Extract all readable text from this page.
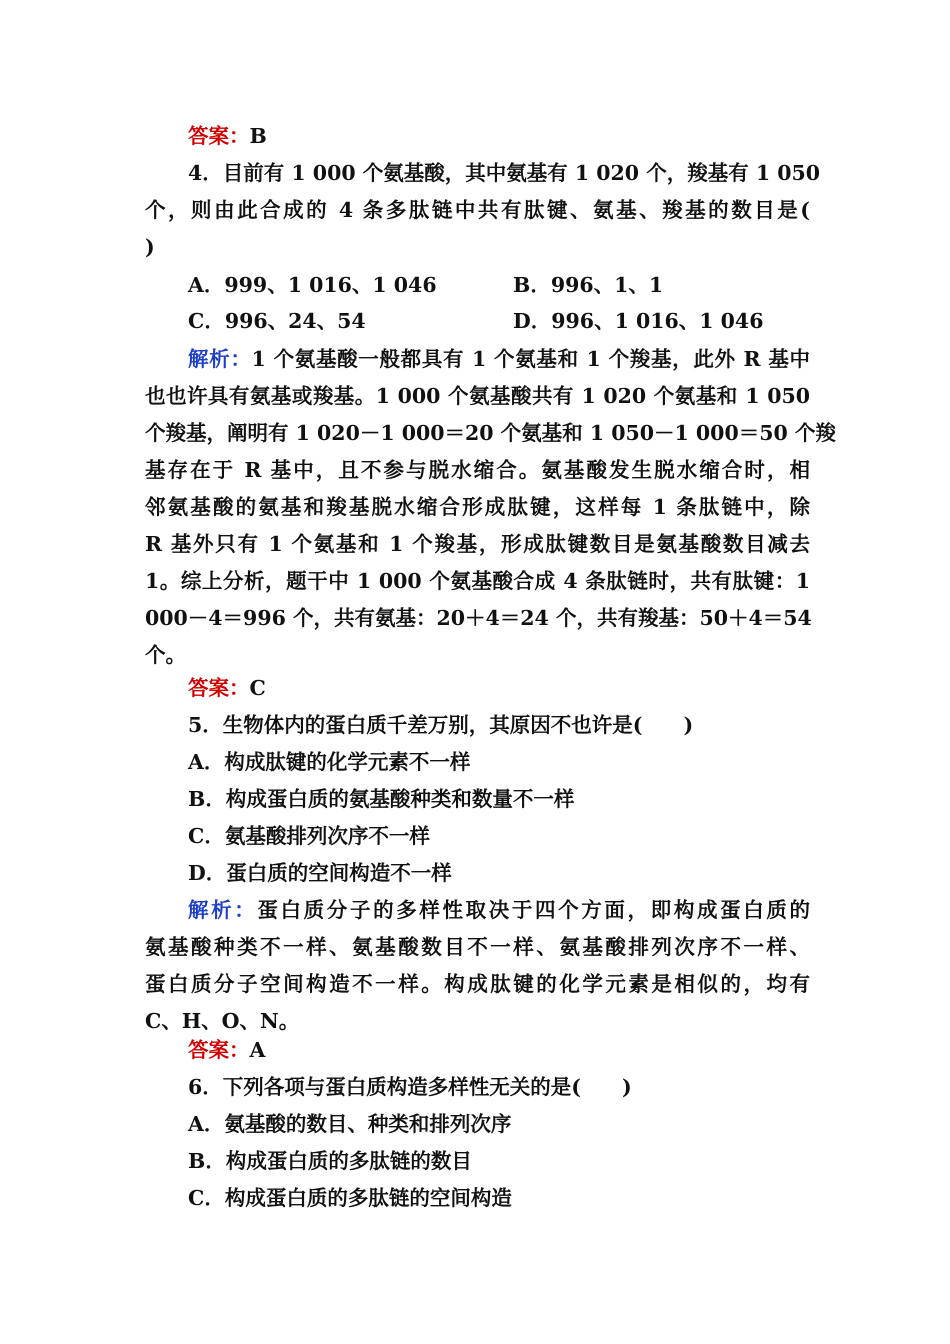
答案：B
4．目前有 1 000 个氨基酸，其中氨基有 1 020 个，羧基有 1 050
个，则由此合成的 4 条多肽链中共有肽键、氨基、羧基的数目是(
)
A．999、1 016、1 046	B．996、1、1
C．996、24、54	D．996、1 016、1 046
解析：1 个氨基酸一般都具有 1 个氨基和 1 个羧基，此外 R 基中
也也许具有氨基或羧基。1 000 个氨基酸共有 1 020 个氨基和 1 050
个羧基，阐明有 1 020－1 000＝20 个氨基和 1 050－1 000＝50 个羧
基存在于 R 基中，且不参与脱水缩合。氨基酸发生脱水缩合时，相
邻氨基酸的氨基和羧基脱水缩合形成肽键，这样每 1 条肽链中，除
R 基外只有 1 个氨基和 1 个羧基，形成肽键数目是氨基酸数目减去
1。综上分析，题干中 1 000 个氨基酸合成 4 条肽链时，共有肽键：1
000－4＝996 个，共有氨基：20＋4＝24 个，共有羧基：50＋4＝54
个。
答案：C
5．生物体内的蛋白质千差万别，其原因不也许是(　　)
A．构成肽键的化学元素不一样
B．构成蛋白质的氨基酸种类和数量不一样
C．氨基酸排列次序不一样
D．蛋白质的空间构造不一样
解析：蛋白质分子的多样性取决于四个方面，即构成蛋白质的
氨基酸种类不一样、氨基酸数目不一样、氨基酸排列次序不一样、
蛋白质分子空间构造不一样。构成肽键的化学元素是相似的，均有
C、H、O、N。
答案：A
6．下列各项与蛋白质构造多样性无关的是(　　)
A．氨基酸的数目、种类和排列次序
B．构成蛋白质的多肽链的数目
C．构成蛋白质的多肽链的空间构造
